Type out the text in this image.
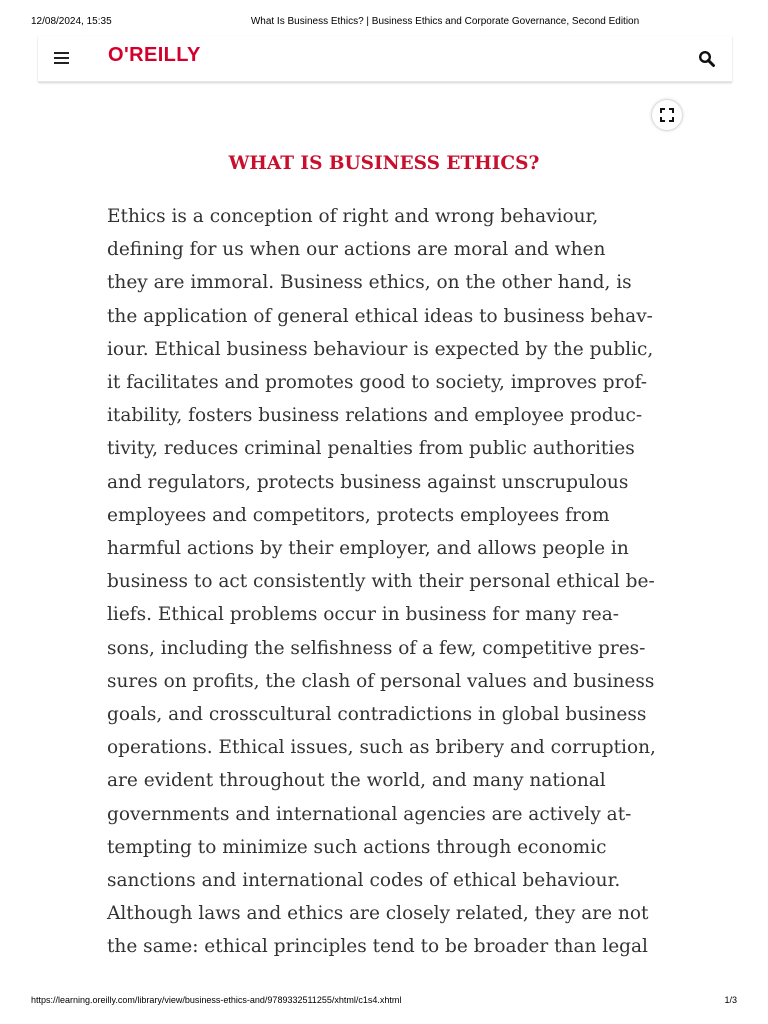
12/08/2024, 15:35	What Is Business Ethics? | Business Ethics and Corporate Governance, Second Edition
O'REILLY
WHAT IS BUSINESS ETHICS?
Ethics is a conception of right and wrong behaviour,
defining for us when our actions are moral and when
they are immoral. Business ethics, on the other hand, is
the application of general ethical ideas to business behav-
iour. Ethical business behaviour is expected by the public,
it facilitates and promotes good to society, improves prof-
itability, fosters business relations and employee produc-
tivity, reduces criminal penalties from public authorities
and regulators, protects business against unscrupulous
employees and competitors, protects employees from
harmful actions by their employer, and allows people in
business to act consistently with their personal ethical be-
liefs. Ethical problems occur in business for many rea-
sons, including the selfishness of a few, competitive pres-
sures on profits, the clash of personal values and business
goals, and crosscultural contradictions in global business
operations. Ethical issues, such as bribery and corruption,
are evident throughout the world, and many national
governments and international agencies are actively at-
tempting to minimize such actions through economic
sanctions and international codes of ethical behaviour.
Although laws and ethics are closely related, they are not
the same: ethical principles tend to be broader than legal
https://learning.oreilly.com/library/view/business-ethics-and/9789332511255/xhtml/c1s4.xhtml	1/3
